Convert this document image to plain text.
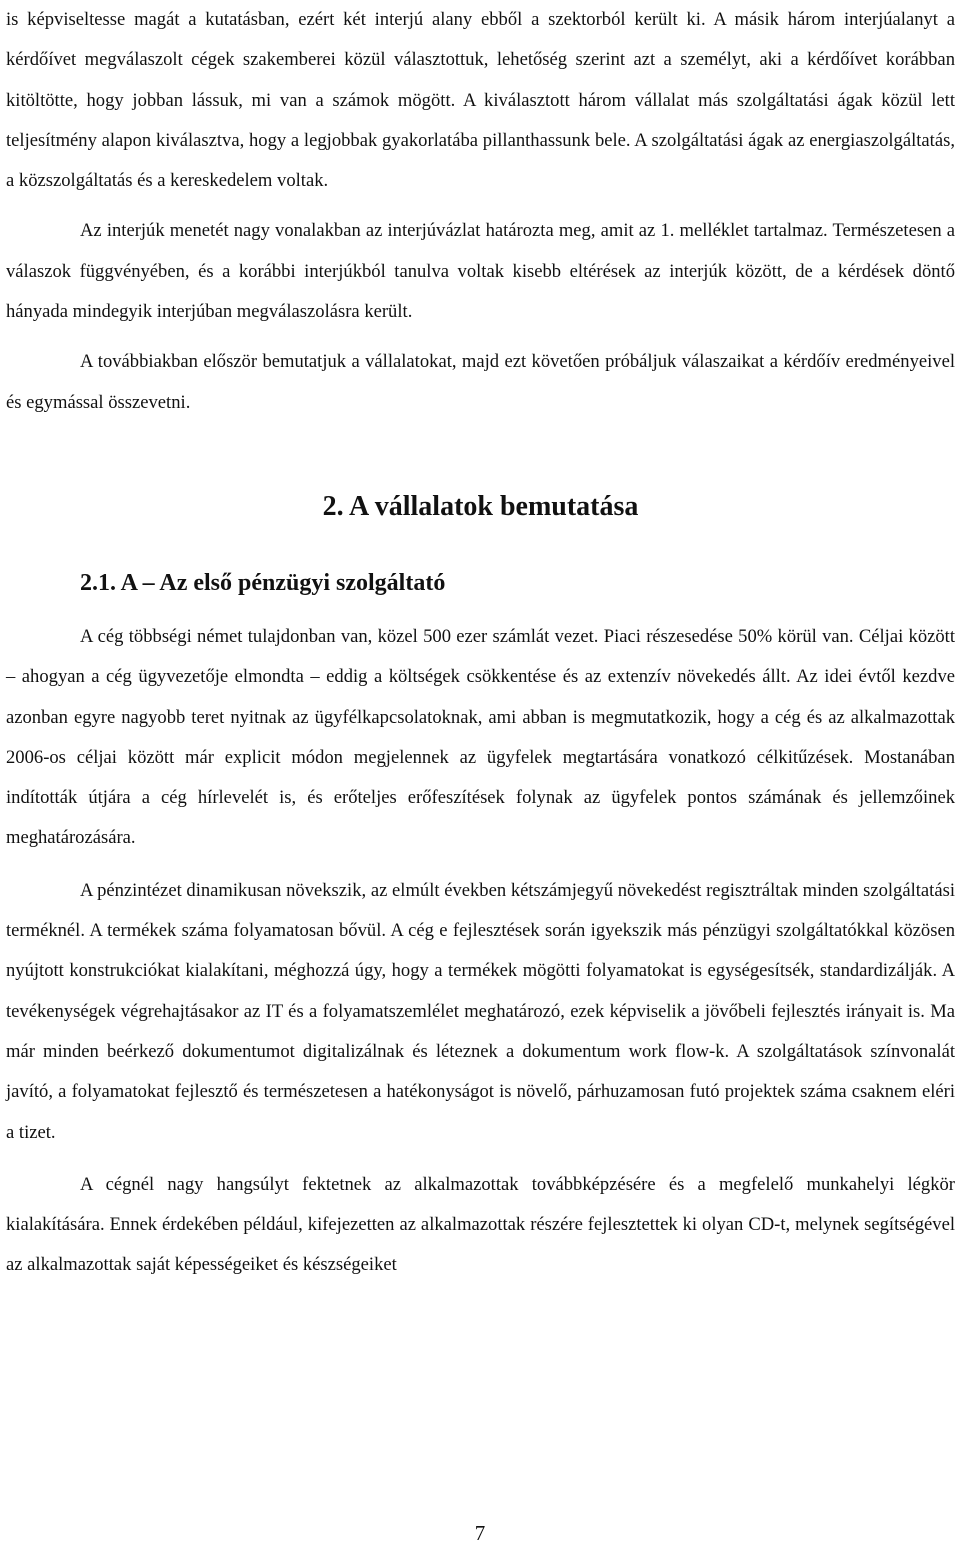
is képviseltesse magát a kutatásban, ezért két interjú alany ebből a szektorból került ki. A másik három interjúalanyt a kérdőívet megválaszolt cégek szakemberei közül választottuk, lehetőség szerint azt a személyt, aki a kérdőívet korábban kitöltötte, hogy jobban lássuk, mi van a számok mögött. A kiválasztott három vállalat más szolgáltatási ágak közül lett teljesítmény alapon kiválasztva, hogy a legjobbak gyakorlatába pillanthassunk bele. A szolgáltatási ágak az energiaszolgáltatás, a közszolgáltatás és a kereskedelem voltak.

Az interjúk menetét nagy vonalakban az interjúvázlat határozta meg, amit az 1. melléklet tartalmaz. Természetesen a válaszok függvényében, és a korábbi interjúkból tanulva voltak kisebb eltérések az interjúk között, de a kérdések döntő hányada mindegyik interjúban megválaszolásra került.

A továbbiakban először bemutatjuk a vállalatokat, majd ezt követően próbáljuk válaszaikat a kérdőív eredményeivel és egymással összevetni.

2. A vállalatok bemutatása
2.1. A – Az első pénzügyi szolgáltató

A cég többségi német tulajdonban van, közel 500 ezer számlát vezet. Piaci részesedése 50% körül van. Céljai között – ahogyan a cég ügyvezetője elmondta – eddig a költségek csökkentése és az extenzív növekedés állt. Az idei évtől kezdve azonban egyre nagyobb teret nyitnak az ügyfélkapcsolatoknak, ami abban is megmutatkozik, hogy a cég és az alkalmazottak 2006-os céljai között már explicit módon megjelennek az ügyfelek megtartására vonatkozó célkitűzések. Mostanában indították útjára a cég hírlevelét is, és erőteljes erőfeszítések folynak az ügyfelek pontos számának és jellemzőinek meghatározására.

A pénzintézet dinamikusan növekszik, az elmúlt években kétszámjegyű növekedést regisztráltak minden szolgáltatási terméknél. A termékek száma folyamatosan bővül. A cég e fejlesztések során igyekszik más pénzügyi szolgáltatókkal közösen nyújtott konstrukciókat kialakítani, méghozzá úgy, hogy a termékek mögötti folyamatokat is egységesítsék, standardizálják. A tevékenységek végrehajtásakor az IT és a folyamatszemlélet meghatározó, ezek képviselik a jövőbeli fejlesztés irányait is. Ma már minden beérkező dokumentumot digitalizálnak és léteznek a dokumentum work flow-k. A szolgáltatások színvonalát javító, a folyamatokat fejlesztő és természetesen a hatékonyságot is növelő, párhuzamosan futó projektek száma csaknem eléri a tizet.

A cégnél nagy hangsúlyt fektetnek az alkalmazottak továbbképzésére és a megfelelő munkahelyi légkör kialakítására. Ennek érdekében például, kifejezetten az alkalmazottak részére fejlesztettek ki olyan CD-t, melynek segítségével az alkalmazottak saját képességeiket és készségeiket

7
